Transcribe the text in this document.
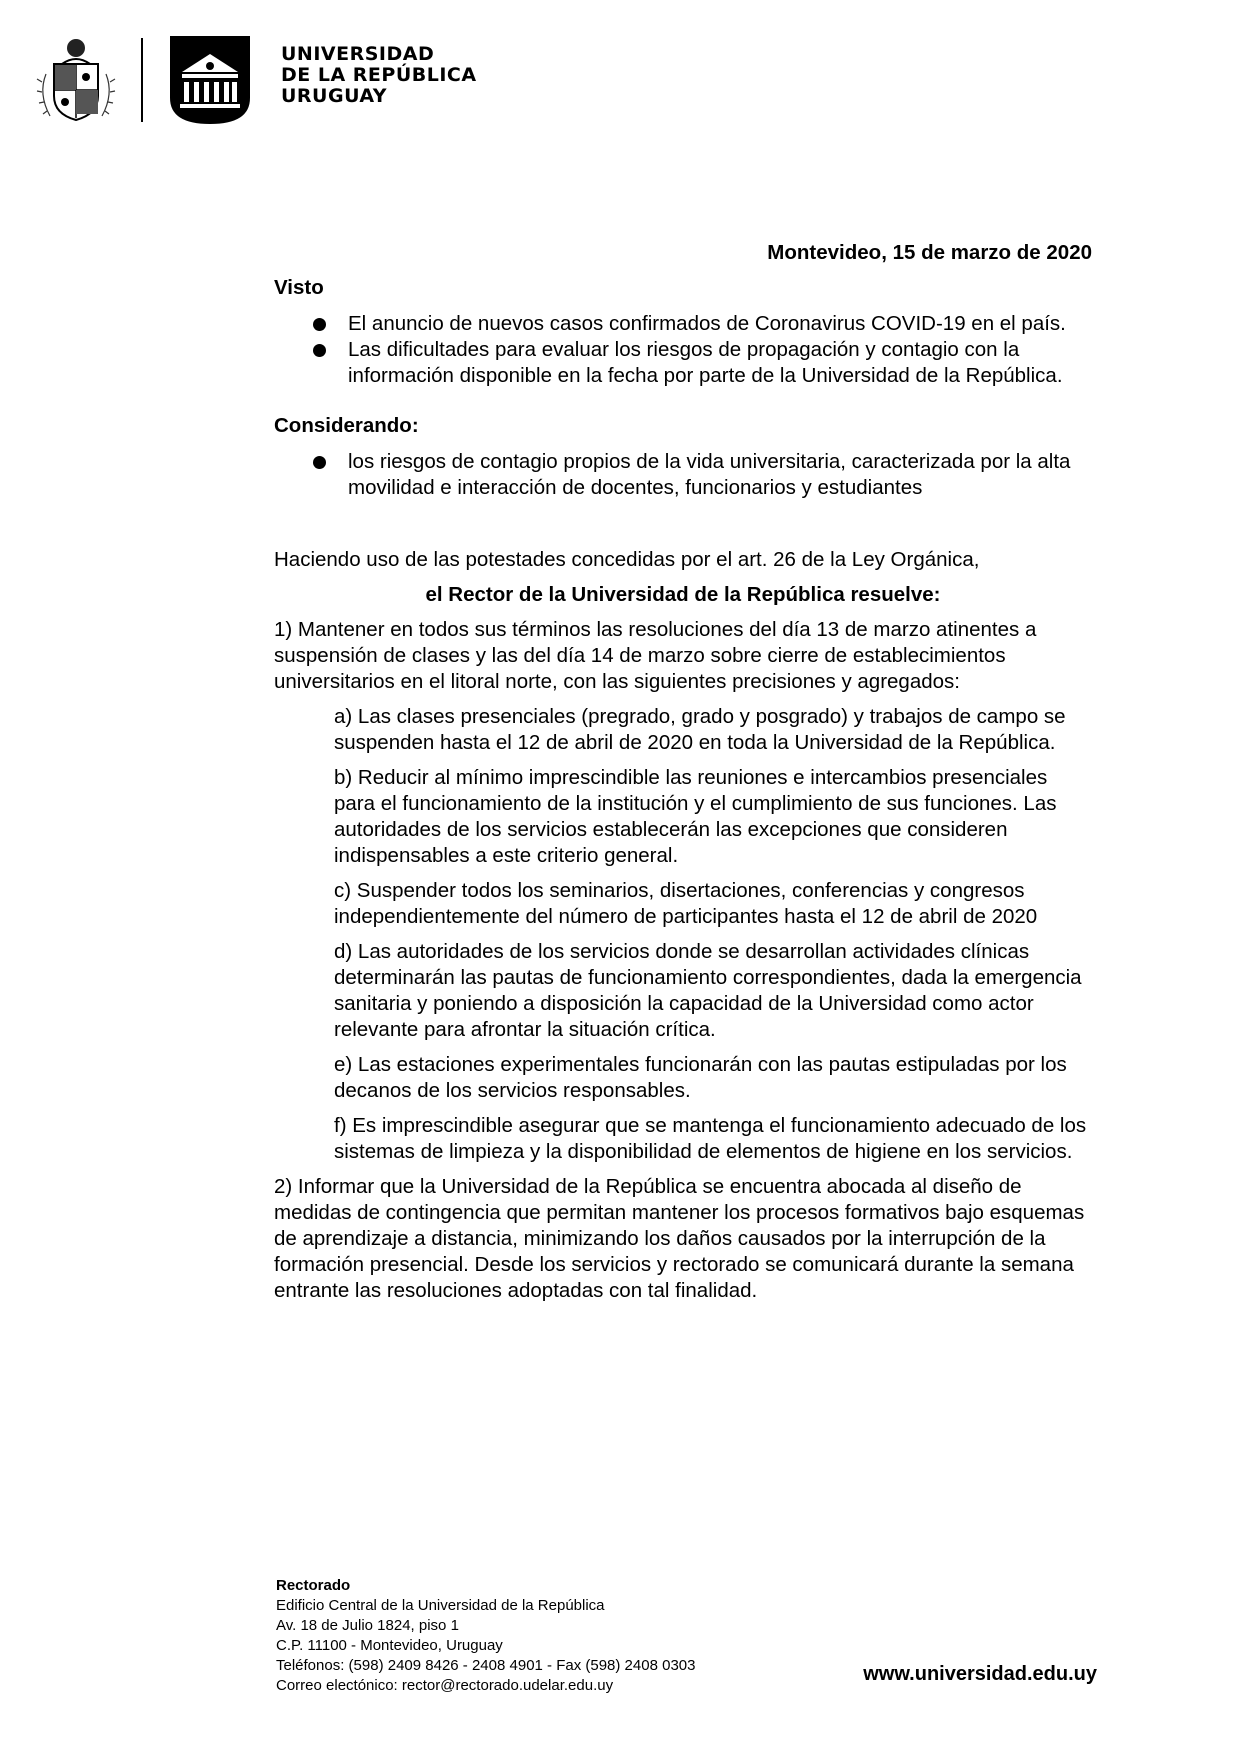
UNIVERSIDAD
DE LA REPÚBLICA
URUGUAY

Montevideo, 15 de marzo de 2020

Visto

El anuncio de nuevos casos confirmados de Coronavirus COVID-19 en el país.
Las dificultades para evaluar los riesgos de propagación y contagio con la información disponible en la fecha por parte de la Universidad de la República.

Considerando:

los riesgos de contagio propios de la vida universitaria, caracterizada por la alta movilidad e interacción de docentes, funcionarios y estudiantes

Haciendo uso de las potestades concedidas por el art. 26 de la Ley Orgánica,

el Rector de la Universidad de la República resuelve:

1) Mantener en todos sus términos las resoluciones del día 13 de marzo atinentes a suspensión de clases y las del día 14 de marzo sobre cierre de establecimientos universitarios en el litoral norte, con las siguientes precisiones y agregados:

a) Las clases presenciales (pregrado, grado y posgrado) y trabajos de campo se suspenden hasta el 12 de abril de 2020 en toda la Universidad de la República.

b) Reducir al mínimo imprescindible las reuniones e intercambios presenciales para el funcionamiento de la institución y el cumplimiento de sus funciones. Las autoridades de los servicios establecerán las excepciones que consideren indispensables a este criterio general.

c) Suspender todos los seminarios, disertaciones, conferencias y congresos independientemente del número de participantes hasta el 12 de abril de 2020

d) Las autoridades de los servicios donde se desarrollan actividades clínicas determinarán las pautas de funcionamiento correspondientes, dada la emergencia sanitaria y poniendo a disposición la capacidad de la Universidad como actor relevante para afrontar la situación crítica.

e) Las estaciones experimentales funcionarán con las pautas estipuladas por los decanos de los servicios responsables.

f) Es imprescindible asegurar que se mantenga el funcionamiento adecuado de los sistemas de limpieza y la disponibilidad de elementos de higiene en los servicios.

2) Informar que la Universidad de la República se encuentra abocada al diseño de medidas de contingencia que permitan mantener los procesos formativos bajo esquemas de aprendizaje a distancia, minimizando los daños causados por la interrupción de la formación presencial. Desde los servicios y rectorado se comunicará durante la semana entrante las resoluciones adoptadas con tal finalidad.

Rectorado
Edificio Central de la Universidad de la República
Av. 18 de Julio 1824, piso 1
C.P. 11100 - Montevideo, Uruguay
Teléfonos: (598) 2409 8426 - 2408 4901 - Fax (598) 2408 0303
Correo electónico: rector@rectorado.udelar.edu.uy
www.universidad.edu.uy
